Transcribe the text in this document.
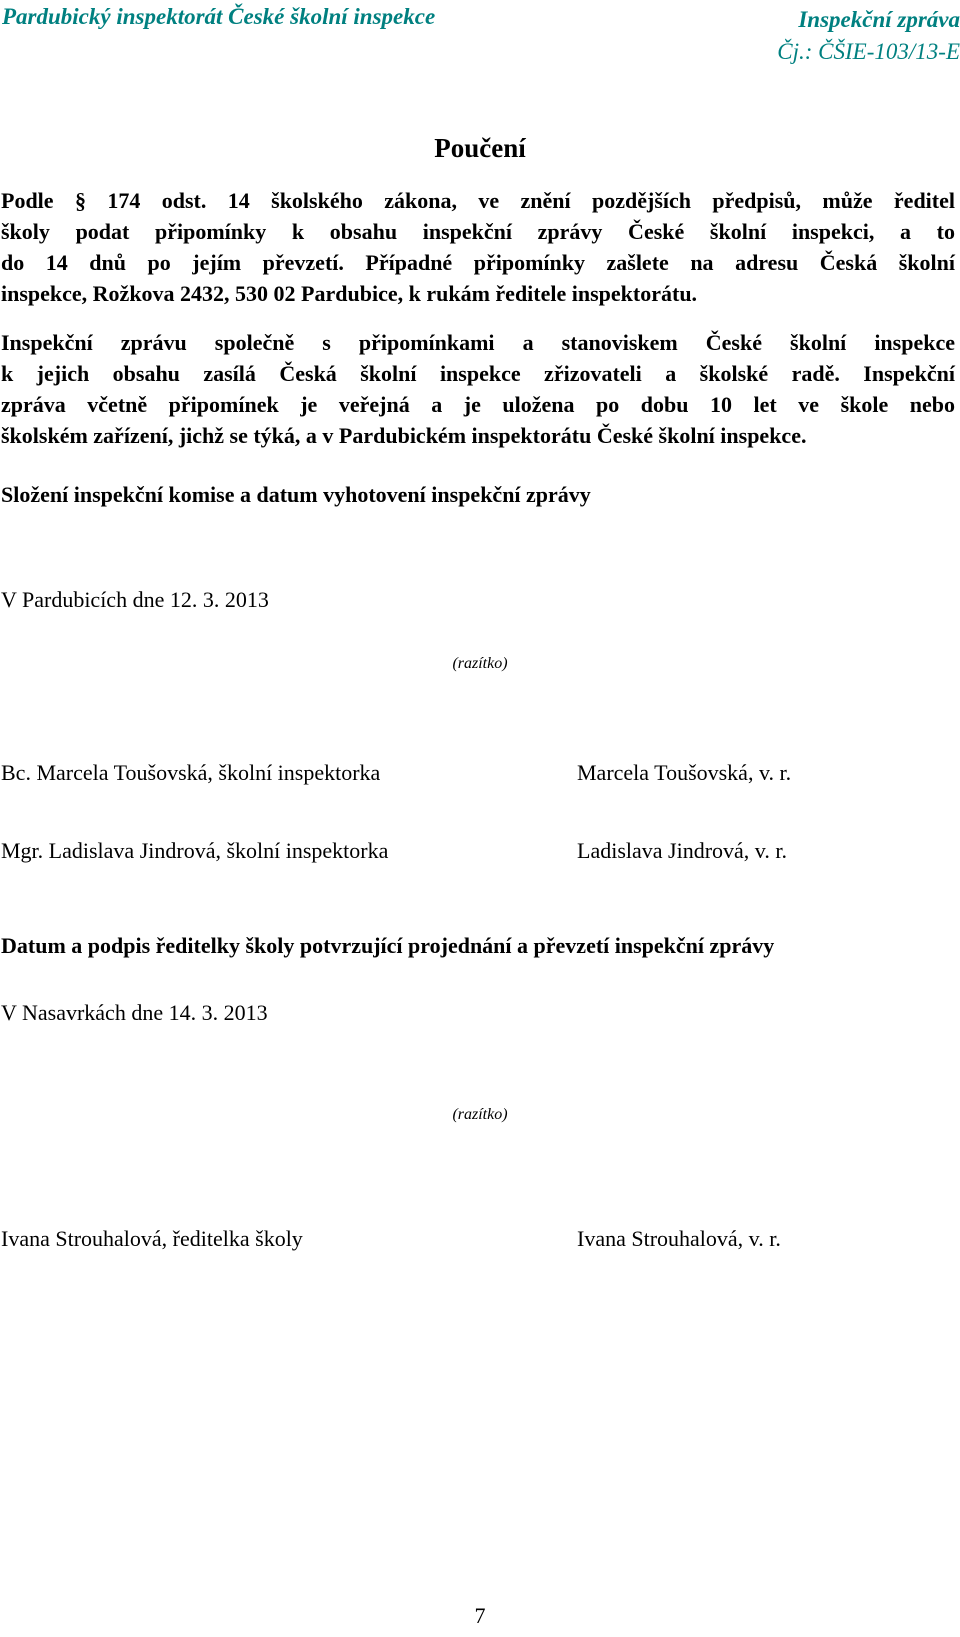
Pardubický inspektorát České školní inspekce	Inspekční zpráva
Čj.: ČŠIE-103/13-E
Poučení
Podle § 174 odst. 14 školského zákona, ve znění pozdějších předpisů, může ředitel
školy podat připomínky k obsahu inspekční zprávy České školní inspekci, a to
do 14 dnů po jejím převzetí. Případné připomínky zašlete na adresu Česká školní
inspekce, Rožkova 2432, 530 02 Pardubice, k rukám ředitele inspektorátu.
Inspekční zprávu společně s připomínkami a stanoviskem České školní inspekce
k jejich obsahu zasílá Česká školní inspekce zřizovateli a školské radě. Inspekční
zpráva včetně připomínek je veřejná a je uložena po dobu 10 let ve škole nebo
školském zařízení, jichž se týká, a v Pardubickém inspektorátu České školní inspekce.
Složení inspekční komise a datum vyhotovení inspekční zprávy
V Pardubicích dne 12. 3. 2013
(razítko)
Bc. Marcela Toušovská, školní inspektorka	Marcela Toušovská, v. r.
Mgr. Ladislava Jindrová, školní inspektorka	Ladislava Jindrová, v. r.
Datum a podpis ředitelky školy potvrzující projednání a převzetí inspekční zprávy
V Nasavrkách dne 14. 3. 2013
(razítko)
Ivana Strouhalová, ředitelka školy	Ivana Strouhalová, v. r.
7
